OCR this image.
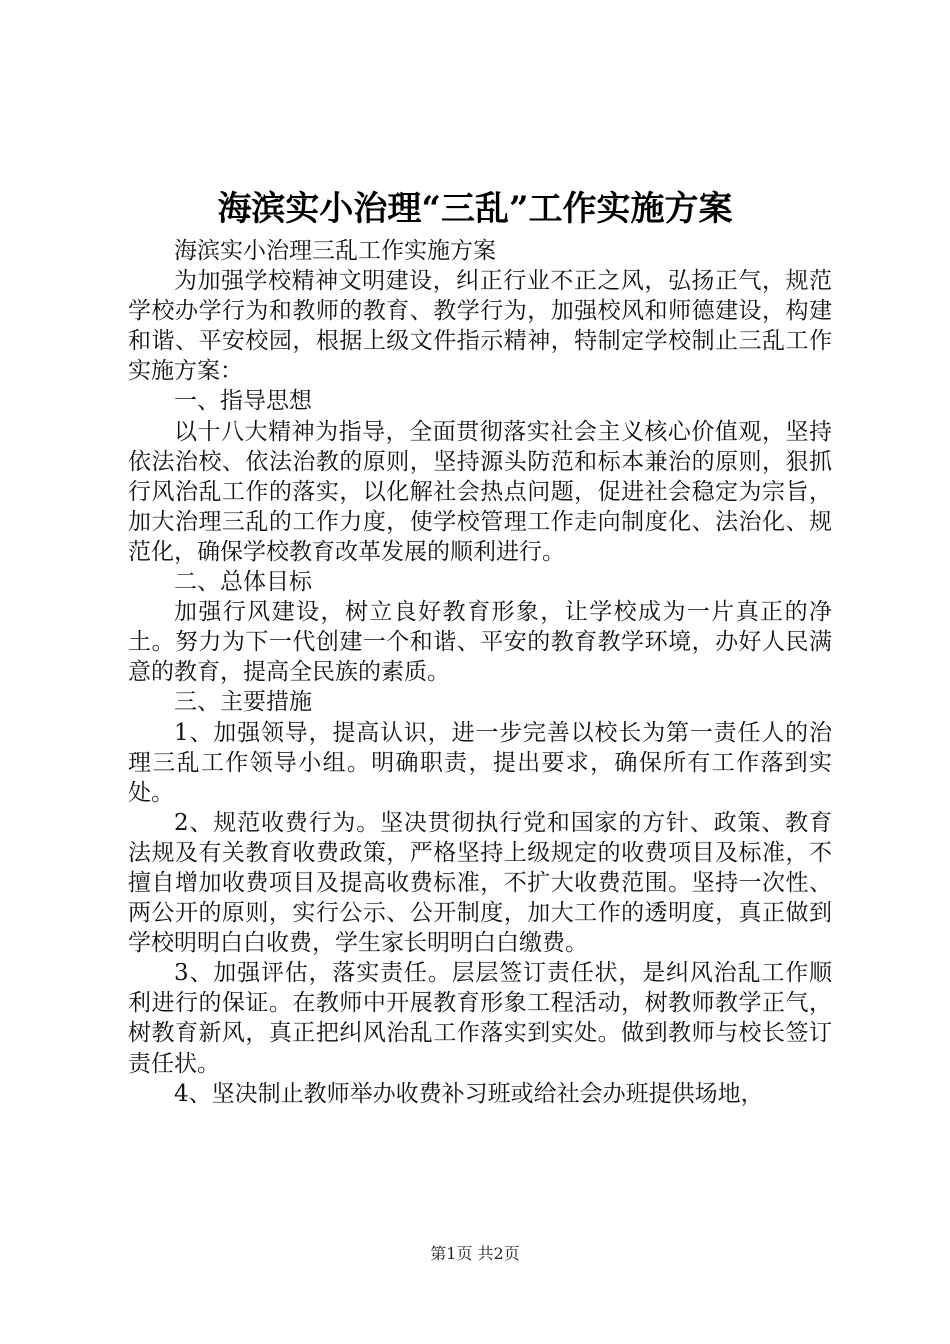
海滨实小治理“三乱”工作实施方案

海滨实小治理三乱工作实施方案

为加强学校精神文明建设，纠正行业不正之风，弘扬正气，规范学校办学行为和教师的教育、教学行为，加强校风和师德建设，构建和谐、平安校园，根据上级文件指示精神，特制定学校制止三乱工作实施方案：

一、指导思想

以十八大精神为指导，全面贯彻落实社会主义核心价值观，坚持依法治校、依法治教的原则，坚持源头防范和标本兼治的原则，狠抓行风治乱工作的落实，以化解社会热点问题，促进社会稳定为宗旨，加大治理三乱的工作力度，使学校管理工作走向制度化、法治化、规范化，确保学校教育改革发展的顺利进行。

二、总体目标

加强行风建设，树立良好教育形象，让学校成为一片真正的净土。努力为下一代创建一个和谐、平安的教育教学环境，办好人民满意的教育，提高全民族的素质。

三、主要措施

1、加强领导，提高认识，进一步完善以校长为第一责任人的治理三乱工作领导小组。明确职责，提出要求，确保所有工作落到实处。

2、规范收费行为。坚决贯彻执行党和国家的方针、政策、教育法规及有关教育收费政策，严格坚持上级规定的收费项目及标准，不擅自增加收费项目及提高收费标准，不扩大收费范围。坚持一次性、两公开的原则，实行公示、公开制度，加大工作的透明度，真正做到学校明明白白收费，学生家长明明白白缴费。

3、加强评估，落实责任。层层签订责任状，是纠风治乱工作顺利进行的保证。在教师中开展教育形象工程活动，树教师教学正气，树教育新风，真正把纠风治乱工作落实到实处。做到教师与校长签订责任状。

4、坚决制止教师举办收费补习班或给社会办班提供场地，

第1页 共2页
